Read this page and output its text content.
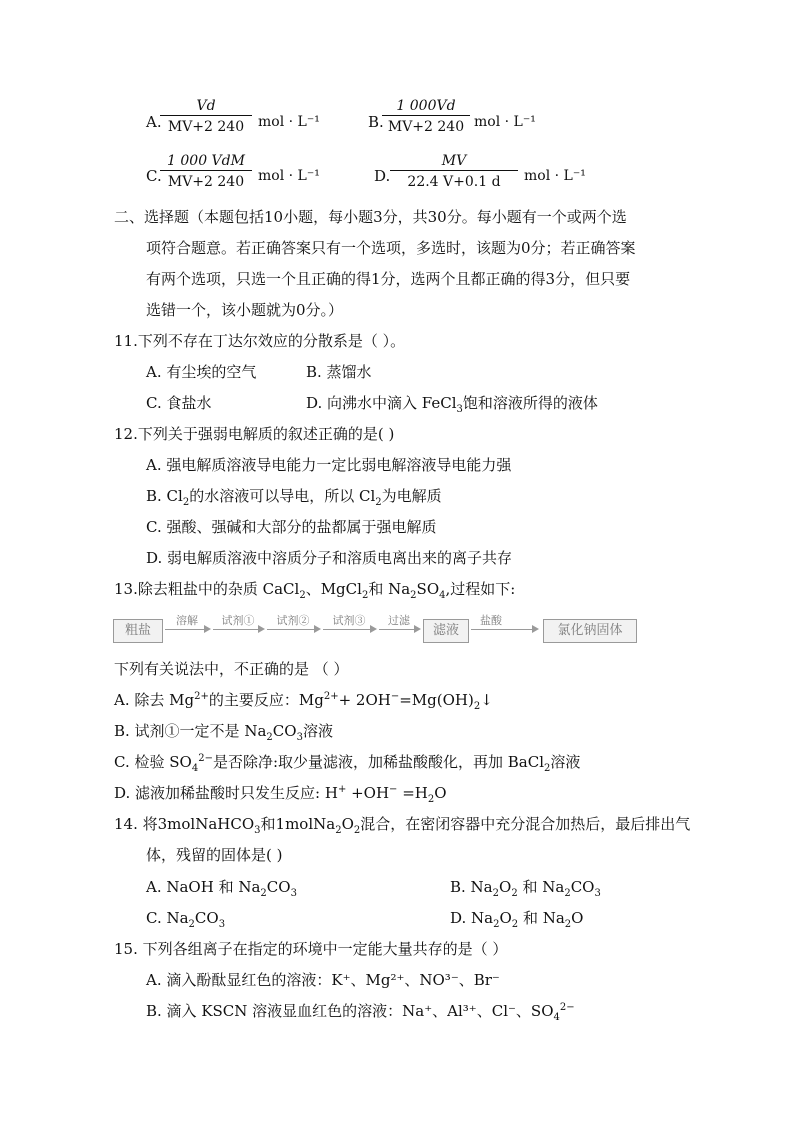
A.
$\frac{Vd}{MV+2 240}$ mol · L⁻¹	B.
$\frac{1 000Vd}{MV+2 240}$ mol · L⁻¹
C.
1 000 VdM
MV+2 240 mol · L⁻¹	D. $\frac{MV}{22.4 V+0.1 d}$ mol · L⁻¹
二、选择题（本题包括10小题，每小题3分，共30分。每小题有一个或两个选
项符合题意。若正确答案只有一个选项，多选时，该题为0分；若正确答案
有两个选项，只选一个且正确的得1分，选两个且都正确的得3分，但只要
选错一个，该小题就为0分。）
11.下列不存在丁达尔效应的分散系是（ ）。
A. 有尘埃的空气	B. 蒸馏水
C. 食盐水	D. 向沸水中滴入 FeCl$_3$饱和溶液所得的液体
12.下列关于强弱电解质的叙述正确的是( )
A. 强电解质溶液导电能力一定比弱电解溶液导电能力强
B. $Cl_2$的水溶液可以导电，所以 $Cl_2$为电解质
C. 强酸、强碱和大部分的盐都属于强电解质
D. 弱电解质溶液中溶质分子和溶质电离出来的离子共存
13.除去粗盐中的杂质 CaCl$_2$、MgCl$_2$和 $Na_2SO_4$,过程如下:
粗盐
溶解	试剂①	试剂②	试剂③	过滤
滤液
盐酸
氯化钠固体
下列有关说法中，不正确的是 （ ）
A. 除去 $Mg^{2+}$的主要反应：$Mg^{2+}+$ $2OH^-=Mg(OH)_2↓$
B. 试剂①一定不是 $Na_2CO_3$溶液
C. 检验 $SO_4^{2-}$是否除净:取少量滤液，加稀盐酸酸化，再加 BaCl$_2$溶液
D. 滤液加稀盐酸时只发生反应: $H^+ +OH^- =H_2O$
14. 将3molNaHCO$_3$和$1molNa_2O_2$混合，在密闭容器中充分混合加热后，最后排出气
体，残留的固体是( )
A. NaOH 和 $Na_2CO_3$	B. $Na_2O_2$ 和 $Na_2CO_3$
C. $Na_2CO_3$	D. $Na_2O_2$ 和 $Na_2O$
15. 下列各组离子在指定的环境中一定能大量共存的是（ ）
A. 滴入酚酞显红色的溶液：K⁺、Mg²⁺、NO³⁻、Br⁻
B. 滴入 KSCN 溶液显血红色的溶液：Na⁺、Al³⁺、Cl⁻、$SO_4^{2-}$
